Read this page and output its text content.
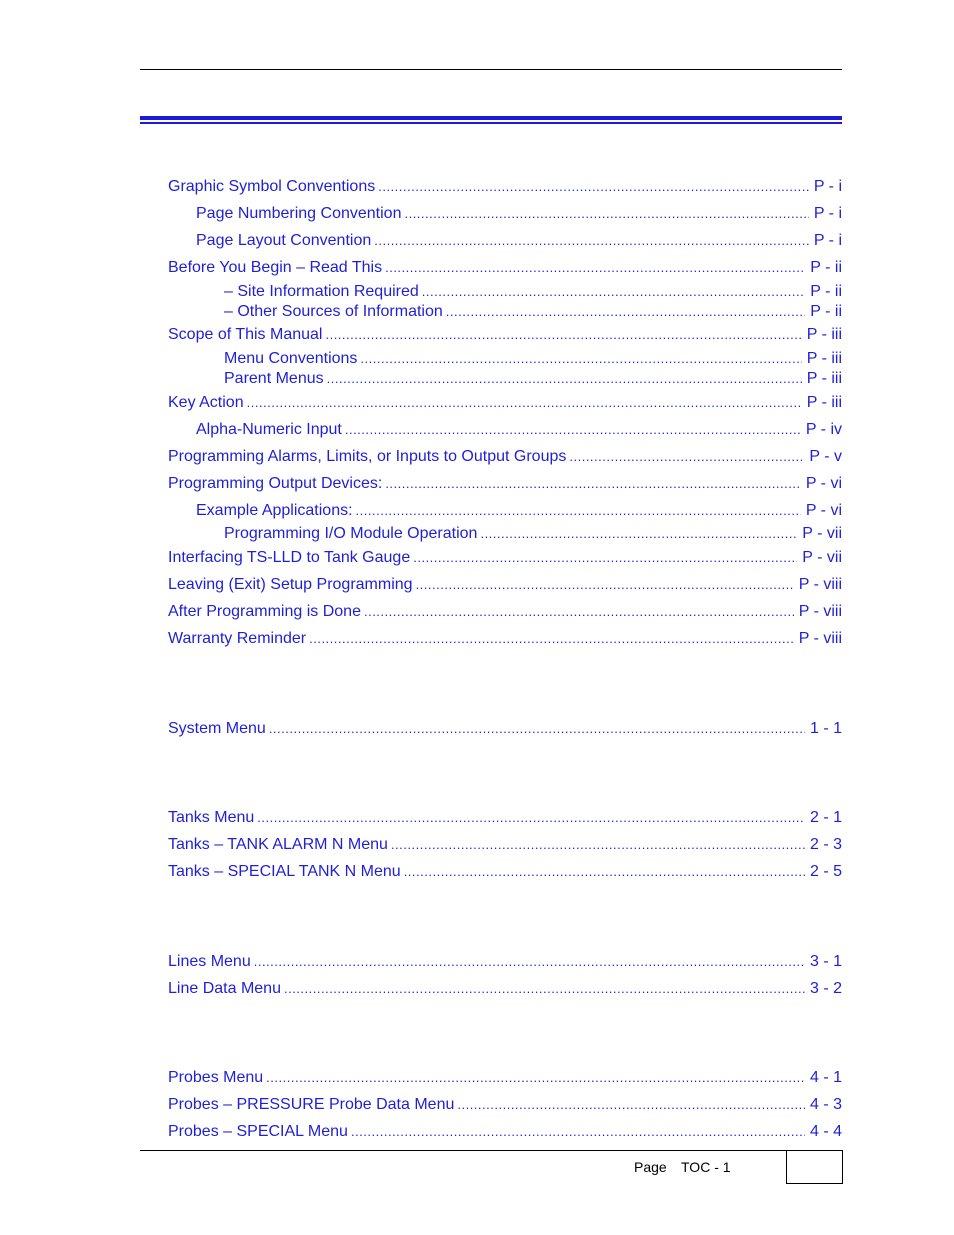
Graphic Symbol Conventions .....	P - i
Page Numbering Convention .....	P - i
Page Layout Convention .....	P - i
Before You Begin – Read This .....	P - ii
– Site Information Required .....	P - ii
– Other Sources of Information .....	P - ii
Scope of This Manual .....	P - iii
Menu Conventions .....	P - iii
Parent Menus .....	P - iii
Key Action .....	P - iii
Alpha-Numeric Input .....	P - iv
Programming Alarms, Limits, or Inputs to Output Groups .....	P - v
Programming Output Devices: .....	P - vi
Example Applications: .....	P - vi
Programming I/O Module Operation .....	P - vii
Interfacing TS-LLD to Tank Gauge .....	P - vii
Leaving (Exit) Setup Programming .....	P - viii
After Programming is Done .....	P - viii
Warranty Reminder .....	P - viii
System Menu .....	1 - 1
Tanks Menu .....	2 - 1
Tanks – TANK ALARM N Menu .....	2 - 3
Tanks – SPECIAL TANK N Menu .....	2 - 5
Lines Menu .....	3 - 1
Line Data Menu .....	3 - 2
Probes Menu .....	4 - 1
Probes – PRESSURE Probe Data Menu .....	4 - 3
Probes – SPECIAL Menu .....	4 - 4
Page TOC - 1
